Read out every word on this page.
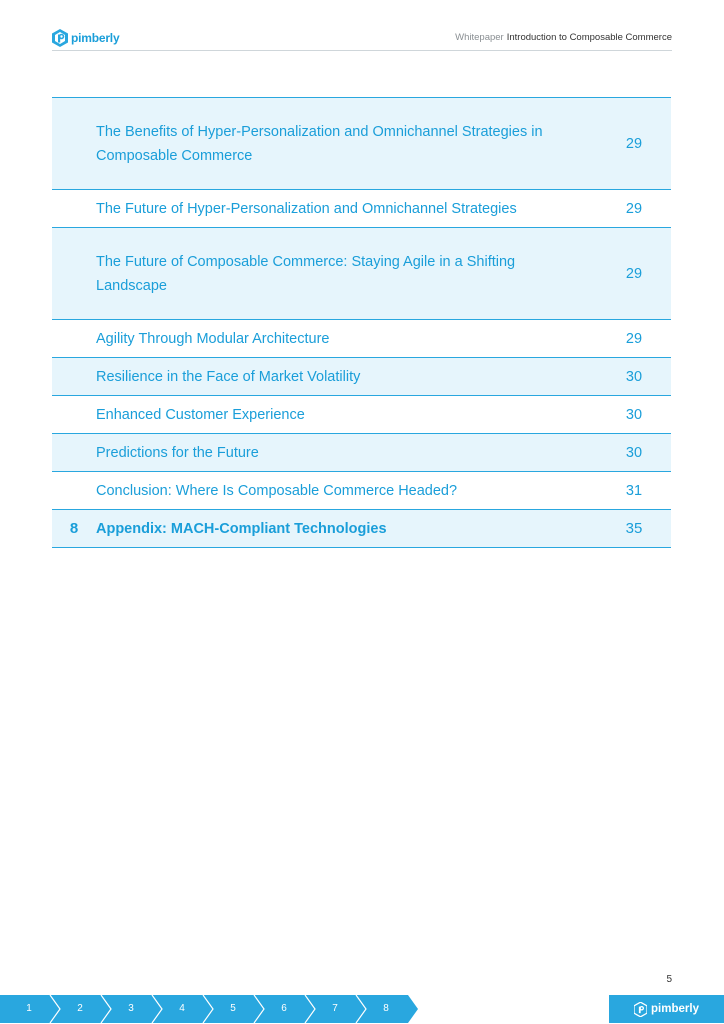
pimberly	Whitepaper Introduction to Composable Commerce
	The Benefits of Hyper-Personalization and Omnichannel Strategies in Composable Commerce	29
	The Future of Hyper-Personalization and Omnichannel Strategies	29
	The Future of Composable Commerce: Staying Agile in a Shifting Landscape	29
	Agility Through Modular Architecture	29
	Resilience in the Face of Market Volatility	30
	Enhanced Customer Experience	30
	Predictions for the Future	30
	Conclusion: Where Is Composable Commerce Headed?	31
8	Appendix: MACH-Compliant Technologies	35
5
1	2	3	4	5	6	7	8	pimberly
